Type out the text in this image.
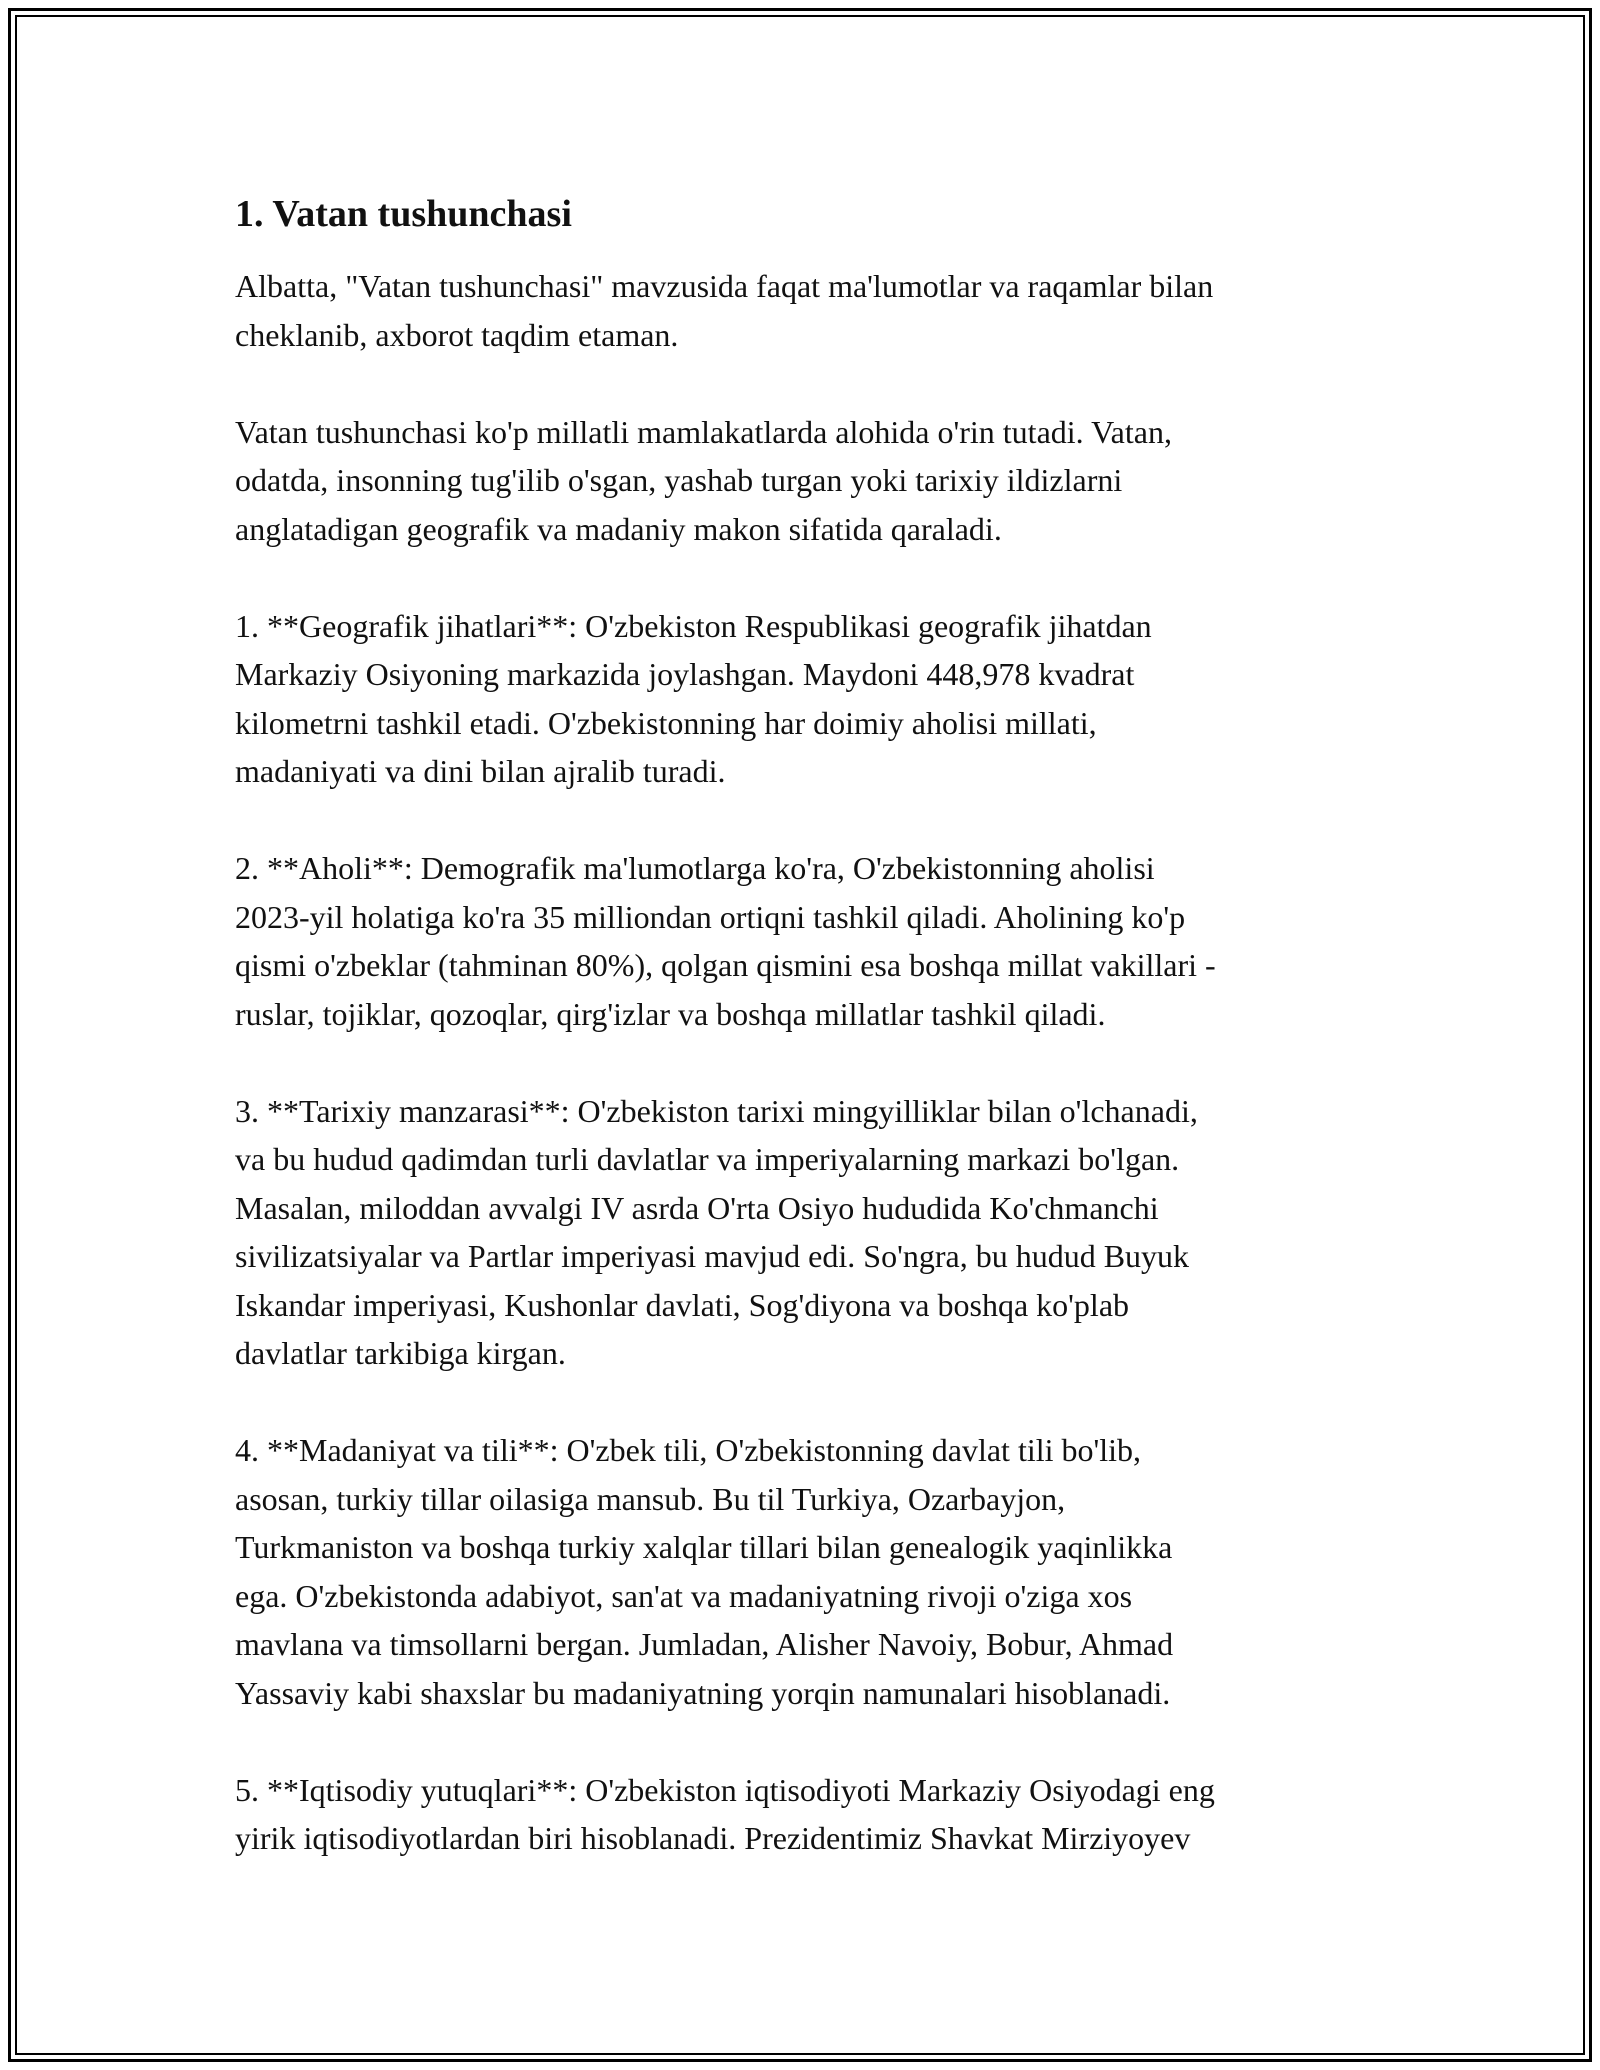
1. Vatan tushunchasi

Albatta, "Vatan tushunchasi" mavzusida faqat ma'lumotlar va raqamlar bilan
cheklanib, axborot taqdim etaman.

Vatan tushunchasi ko'p millatli mamlakatlarda alohida o'rin tutadi. Vatan,
odatda, insonning tug'ilib o'sgan, yashab turgan yoki tarixiy ildizlarni
anglatadigan geografik va madaniy makon sifatida qaraladi.

1. **Geografik jihatlari**: O'zbekiston Respublikasi geografik jihatdan
Markaziy Osiyoning markazida joylashgan. Maydoni 448,978 kvadrat
kilometrni tashkil etadi. O'zbekistonning har doimiy aholisi millati,
madaniyati va dini bilan ajralib turadi.

2. **Aholi**: Demografik ma'lumotlarga ko'ra, O'zbekistonning aholisi
2023-yil holatiga ko'ra 35 milliondan ortiqni tashkil qiladi. Aholining ko'p
qismi o'zbeklar (tahminan 80%), qolgan qismini esa boshqa millat vakillari -
ruslar, tojiklar, qozoqlar, qirg'izlar va boshqa millatlar tashkil qiladi.

3. **Tarixiy manzarasi**: O'zbekiston tarixi mingyilliklar bilan o'lchanadi,
va bu hudud qadimdan turli davlatlar va imperiyalarning markazi bo'lgan.
Masalan, miloddan avvalgi IV asrda O'rta Osiyo hududida Ko'chmanchi
sivilizatsiyalar va Partlar imperiyasi mavjud edi. So'ngra, bu hudud Buyuk
Iskandar imperiyasi, Kushonlar davlati, Sog'diyona va boshqa ko'plab
davlatlar tarkibiga kirgan.

4. **Madaniyat va tili**: O'zbek tili, O'zbekistonning davlat tili bo'lib,
asosan, turkiy tillar oilasiga mansub. Bu til Turkiya, Ozarbayjon,
Turkmaniston va boshqa turkiy xalqlar tillari bilan genealogik yaqinlikka
ega. O'zbekistonda adabiyot, san'at va madaniyatning rivoji o'ziga xos
mavlana va timsollarni bergan. Jumladan, Alisher Navoiy, Bobur, Ahmad
Yassaviy kabi shaxslar bu madaniyatning yorqin namunalari hisoblanadi.

5. **Iqtisodiy yutuqlari**: O'zbekiston iqtisodiyoti Markaziy Osiyodagi eng
yirik iqtisodiyotlardan biri hisoblanadi. Prezidentimiz Shavkat Mirziyoyev
